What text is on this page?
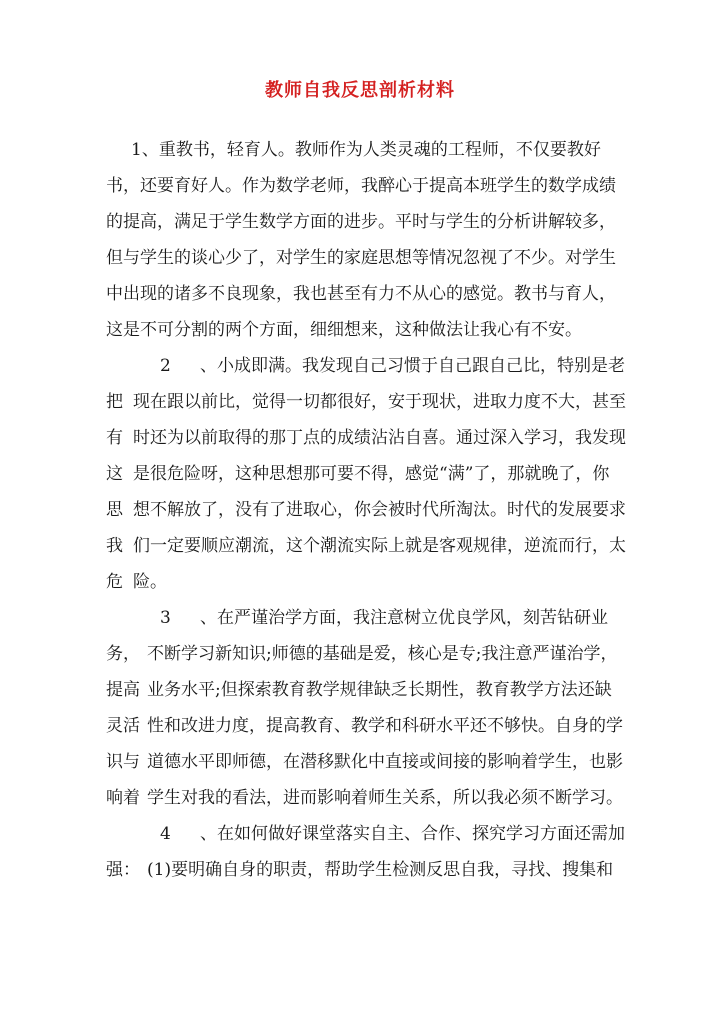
教师自我反思剖析材料
1、重教书，轻育人。教师作为人类灵魂的工程师，不仅要教好
书，还要育好人。作为数学老师，我醉心于提高本班学生的数学成绩
的提高，满足于学生数学方面的进步。平时与学生的分析讲解较多，
但与学生的谈心少了，对学生的家庭思想等情况忽视了不少。对学生
中出现的诸多不良现象，我也甚至有力不从心的感觉。教书与育人，
这是不可分割的两个方面，细细想来，这种做法让我心有不安。
2 、小成即满。我发现自己习惯于自己跟自己比，特别是老
把 现在跟以前比，觉得一切都很好，安于现状，进取力度不大，甚至
有 时还为以前取得的那丁点的成绩沾沾自喜。通过深入学习，我发现
这 是很危险呀，这种思想那可要不得，感觉“满”了，那就晚了，你
思 想不解放了，没有了进取心，你会被时代所淘汰。时代的发展要求
我 们一定要顺应潮流，这个潮流实际上就是客观规律，逆流而行，太
危 险。
3 、在严谨治学方面，我注意树立优良学风，刻苦钻研业
务， 不断学习新知识;师德的基础是爱，核心是专;我注意严谨治学，
提高 业务水平;但探索教育教学规律缺乏长期性，教育教学方法还缺
灵活 性和改进力度，提高教育、教学和科研水平还不够快。自身的学
识与 道德水平即师德，在潜移默化中直接或间接的影响着学生，也影
响着 学生对我的看法，进而影响着师生关系，所以我必须不断学习。
4 、在如何做好课堂落实自主、合作、探究学习方面还需加
强： (1)要明确自身的职责，帮助学生检测反思自我，寻找、搜集和
